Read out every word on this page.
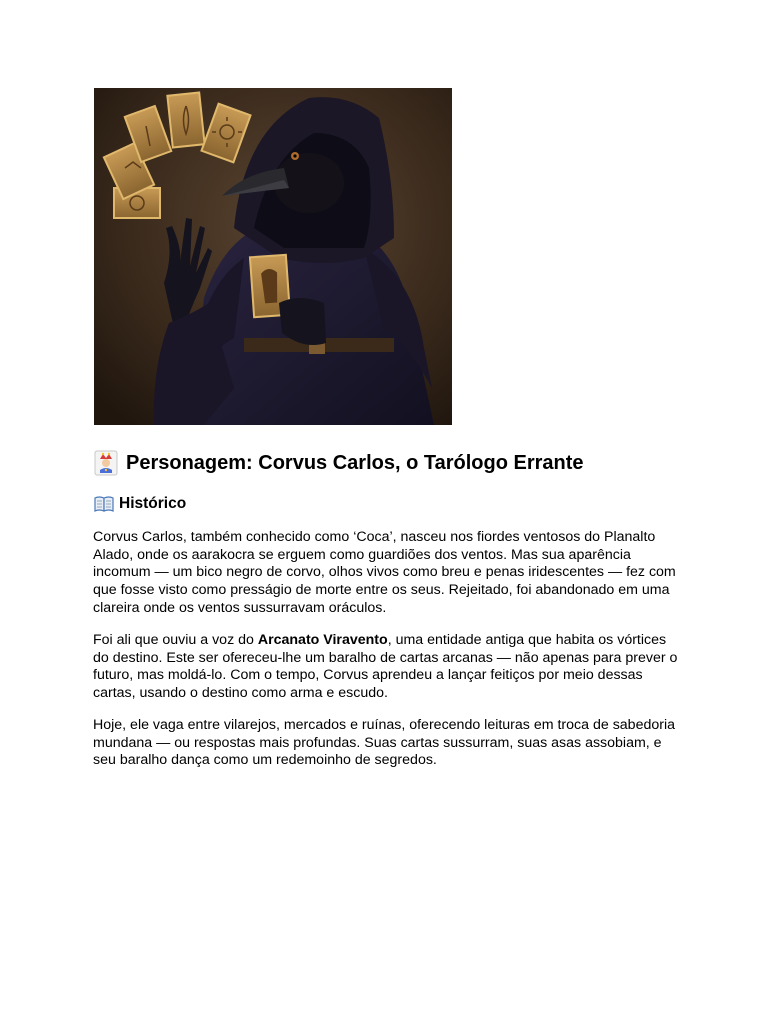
Personagem: Corvus Carlos, o Tarólogo Errante
Histórico

Corvus Carlos, também conhecido como ‘Coca’, nasceu nos fiordes ventosos do Planalto Alado, onde os aarakocra se erguem como guardiões dos ventos. Mas sua aparência incomum — um bico negro de corvo, olhos vivos como breu e penas iridescentes — fez com que fosse visto como presságio de morte entre os seus. Rejeitado, foi abandonado em uma clareira onde os ventos sussurravam oráculos.

Foi ali que ouviu a voz do Arcanato Viravento, uma entidade antiga que habita os vórtices do destino. Este ser ofereceu-lhe um baralho de cartas arcanas — não apenas para prever o futuro, mas moldá-lo. Com o tempo, Corvus aprendeu a lançar feitiços por meio dessas cartas, usando o destino como arma e escudo.

Hoje, ele vaga entre vilarejos, mercados e ruínas, oferecendo leituras em troca de sabedoria mundana — ou respostas mais profundas. Suas cartas sussurram, suas asas assobiam, e seu baralho dança como um redemoinho de segredos.
